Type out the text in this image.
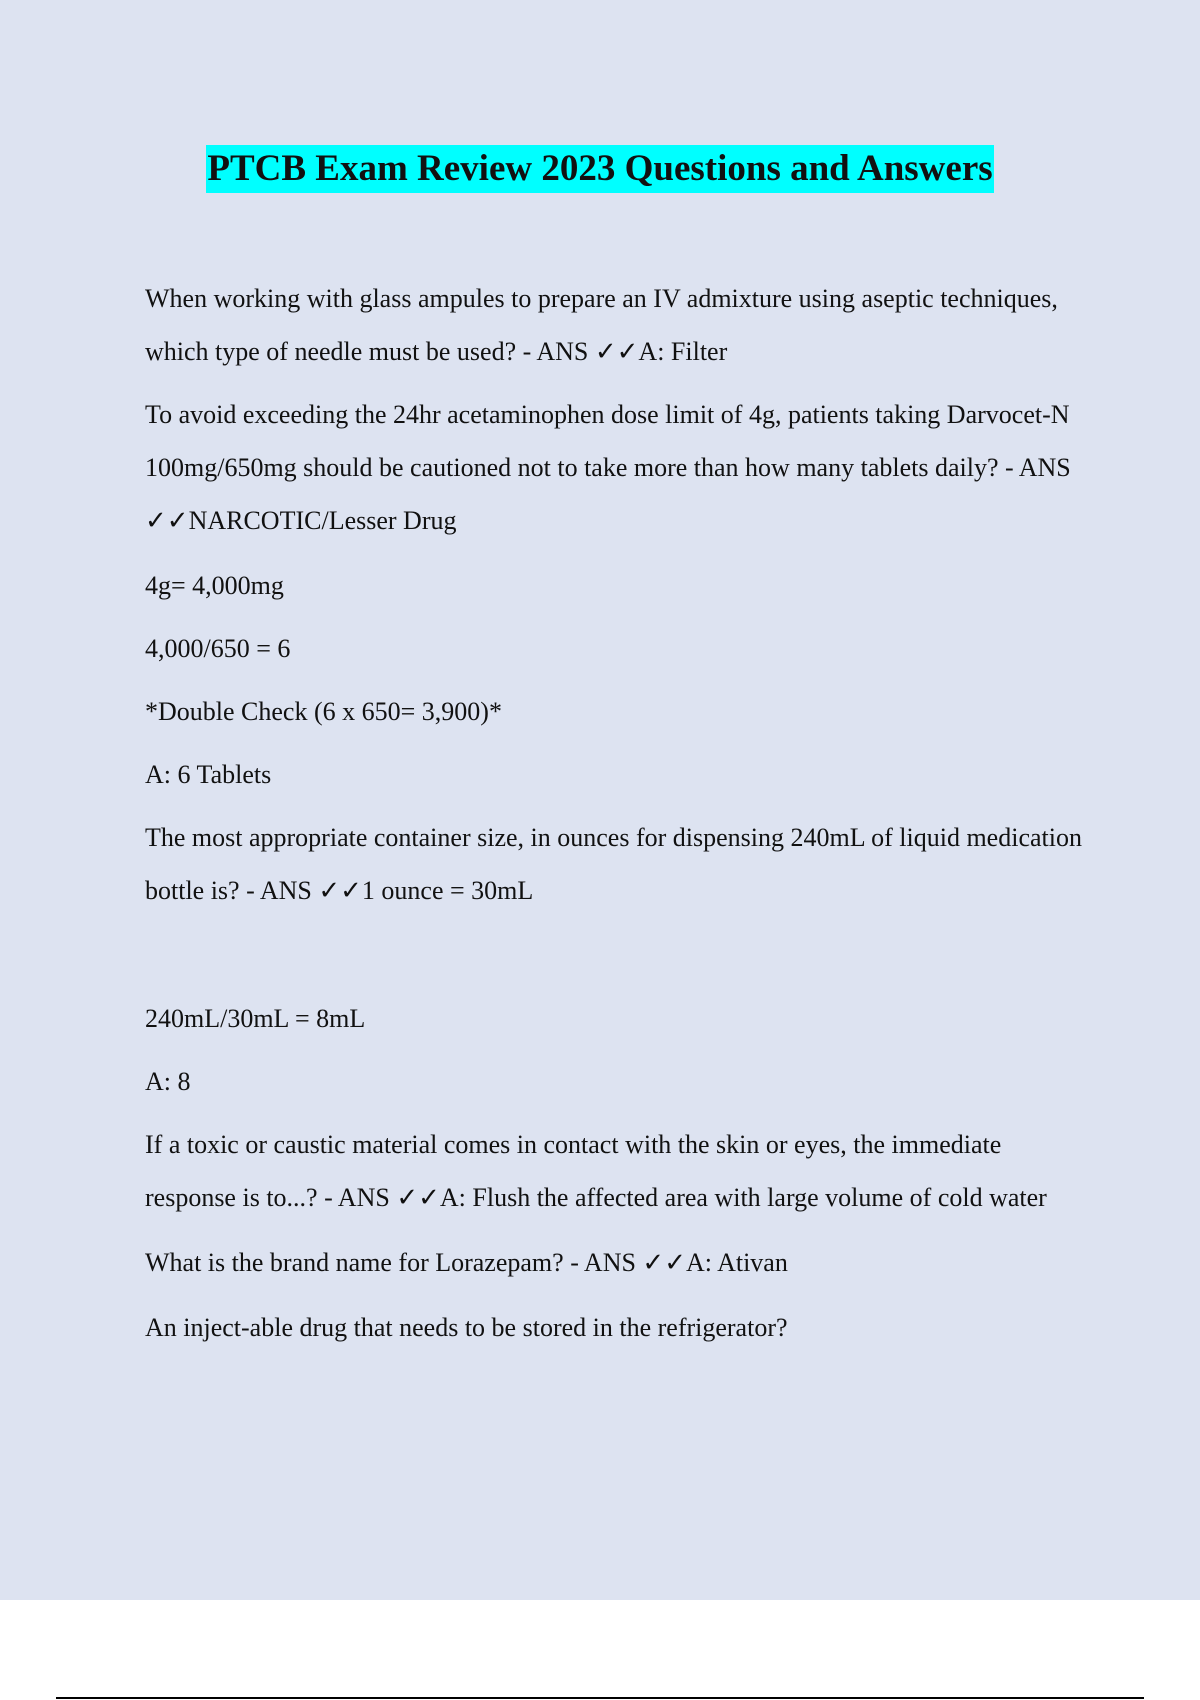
PTCB Exam Review 2023 Questions and Answers

When working with glass ampules to prepare an IV admixture using aseptic techniques, which type of needle must be used? - ANS ✓✓A: Filter

To avoid exceeding the 24hr acetaminophen dose limit of 4g, patients taking Darvocet-N 100mg/650mg should be cautioned not to take more than how many tablets daily? - ANS ✓✓NARCOTIC/Lesser Drug

4g= 4,000mg

4,000/650 = 6

*Double Check (6 x 650= 3,900)*

A: 6 Tablets

The most appropriate container size, in ounces for dispensing 240mL of liquid medication bottle is? - ANS ✓✓1 ounce = 30mL

240mL/30mL = 8mL

A: 8

If a toxic or caustic material comes in contact with the skin or eyes, the immediate response is to...? - ANS ✓✓A: Flush the affected area with large volume of cold water

What is the brand name for Lorazepam? - ANS ✓✓A: Ativan

An inject-able drug that needs to be stored in the refrigerator?
